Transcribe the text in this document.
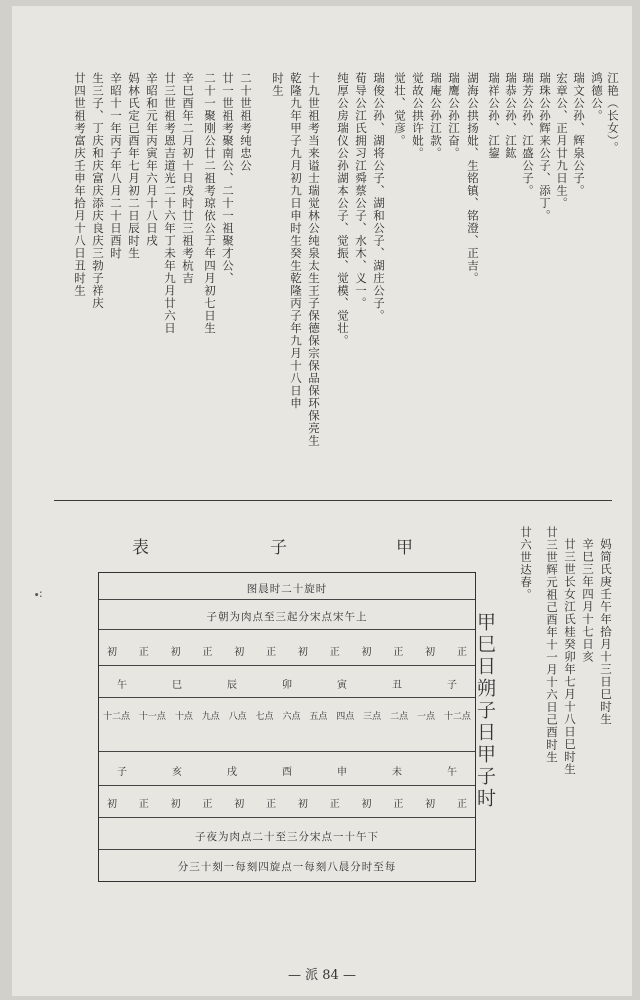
江艳（长女）。
鸿德公。
瑞文公孙、辉泉公子。
宏章公、正月廿九日生。
瑞珠公孙辉来公子、添丁。
瑞芳公孙、江盛公子。
瑞恭公孙、江鈜
瑞祥公孙、江鋆
湖海公拱扬妣、生铭镇、铭澄、正吉。
瑞鹰公孙江奋。
瑞庵公孙江款。
觉故公拱许妣。
觉壮、觉彦。
瑞俊公孙、湖将公子、湖和公子、湖庄公子。
荀导公江氏拥习江舜蔡公子、水木、义一。
纯厚公房瑞仪公孙湖本公子、觉振、觉模、觉壮。
十九世祖考当来谥士瑞觉林公纯泉太生王子保德保宗保品保环保亮生
乾隆九年甲子九月初九日申时生癸生乾隆丙子年九月十八日申
时生
二十世祖考纯忠公
廿一世祖考聚南公、二十一祖聚才公、
二十一聚刚公廿二祖考琼依公于年四月初七日生
辛巳酉年二月初十日戌时廿三祖考杭吉
廿三世祖考恩吉道光二十六年丁未年九月廿六日
辛昭和元年丙寅年六月十八日戌
妈林氏定已酉年七月初二日辰时生
辛昭十一年丙子年八月二十日酉时
生三子、丁庆和庆富庆添庆良庆三勃子祥庆
廿四世祖考富庆壬申年拾月十八日丑时生
妈简氏庚壬午年拾月十三日巳时生
辛巳三年四月十七日亥
廿三世长女江氏桂癸卯年七月十八日巳时生
廿三世辉元祖己酉年十一月十六日己酉时生
廿六世达春。
甲
子
表
图晨时二十旋时
子朝为肉点至三起分宋点宋午上
初 正 初 正 初 正 初 正 初 正 初 正
午	巳	辰	卯	寅	丑	子
十二点 十一点 十点 九点 八点 七点 六点 五点 四点 三点 二点 一点 十二点
子	亥	戌	酉	申	未	午
初 正 初 正 初 正 初 正 初 正 初 正
子夜为肉点二十至三分宋点一十午下
分三十刻一每刻四旋点一每刻八晨分时至每
甲巳日朔子日甲子时
∙∶
— 派 84 —
